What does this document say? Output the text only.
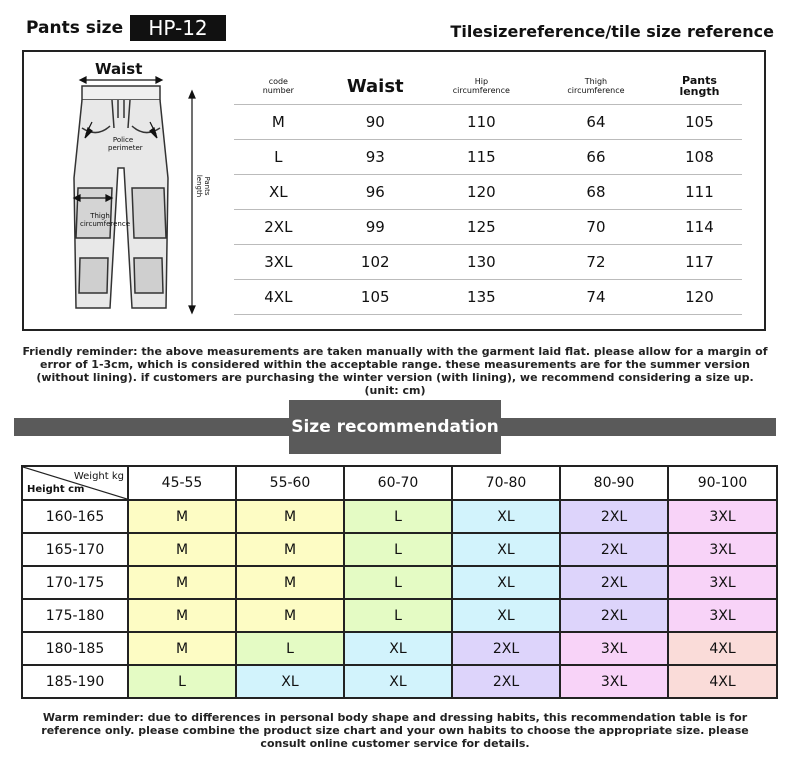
Pants size	HP-12	Tilesizereference/tile size reference
Waist
Police perimeter
Thigh circumference
Pants length
code number	Waist	Hip circumference	Thigh circumference	Pants length

M	90	110	64	105
L	93	115	66	108
XL	96	120	68	111
2XL	99	125	70	114
3XL	102	130	72	117
4XL	105	135	74	120
Friendly reminder: the above measurements are taken manually with the garment laid flat. please allow for a margin of error of 1-3cm, which is considered within the acceptable range. these measurements are for the summer version (without lining). if customers are purchasing the winter version (with lining), we recommend considering a size up. (unit: cm)
Size recommendation
Weight kg
Height cm	45-55	55-60	60-70	70-80	80-90	90-100
160-165	M	M	L	XL	2XL	3XL
165-170	M	M	L	XL	2XL	3XL
170-175	M	M	L	XL	2XL	3XL
175-180	M	M	L	XL	2XL	3XL
180-185	M	L	XL	2XL	3XL	4XL
185-190	L	XL	XL	2XL	3XL	4XL
Warm reminder: due to differences in personal body shape and dressing habits, this recommendation table is for reference only. please combine the product size chart and your own habits to choose the appropriate size. please consult online customer service for details.
